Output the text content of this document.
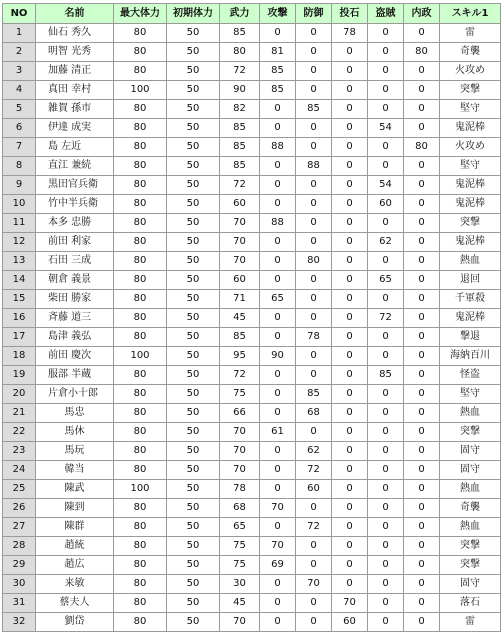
NO	名前	最大体力	初期体力	武力	攻撃	防御	投石	盗賊	内政	スキル1
1	仙石 秀久	80	50	85	0	0	78	0	0	雷
2	明智 光秀	80	50	80	81	0	0	0	80	奇襲
3	加藤 清正	80	50	72	85	0	0	0	0	火攻め
4	真田 幸村	100	50	90	85	0	0	0	0	突撃
5	雑賀 孫市	80	50	82	0	85	0	0	0	堅守
6	伊達 成実	80	50	85	0	0	0	54	0	鬼泥棒
7	島 左近	80	50	85	88	0	0	0	80	火攻め
8	直江 兼続	80	50	85	0	88	0	0	0	堅守
9	黒田官兵衛	80	50	72	0	0	0	54	0	鬼泥棒
10	竹中半兵衛	80	50	60	0	0	0	60	0	鬼泥棒
11	本多 忠勝	80	50	70	88	0	0	0	0	突撃
12	前田 利家	80	50	70	0	0	0	62	0	鬼泥棒
13	石田 三成	80	50	70	0	80	0	0	0	熱血
14	朝倉 義景	80	50	60	0	0	0	65	0	退回
15	柴田 勝家	80	50	71	65	0	0	0	0	千軍殺
16	斉藤 道三	80	50	45	0	0	0	72	0	鬼泥棒
17	島津 義弘	80	50	85	0	78	0	0	0	撃退
18	前田 慶次	100	50	95	90	0	0	0	0	海納百川
19	服部 半蔵	80	50	72	0	0	0	85	0	怪盗
20	片倉小十郎	80	50	75	0	85	0	0	0	堅守
21	馬忠	80	50	66	0	68	0	0	0	熱血
22	馬休	80	50	70	61	0	0	0	0	突撃
23	馬玩	80	50	70	0	62	0	0	0	固守
24	韓当	80	50	70	0	72	0	0	0	固守
25	陳武	100	50	78	0	60	0	0	0	熱血
26	陳到	80	50	68	70	0	0	0	0	奇襲
27	陳群	80	50	65	0	72	0	0	0	熱血
28	趙統	80	50	75	70	0	0	0	0	突撃
29	趙広	80	50	75	69	0	0	0	0	突撃
30	来敏	80	50	30	0	70	0	0	0	固守
31	蔡夫人	80	50	45	0	0	70	0	0	落石
32	劉岱	80	50	70	0	0	60	0	0	雷
